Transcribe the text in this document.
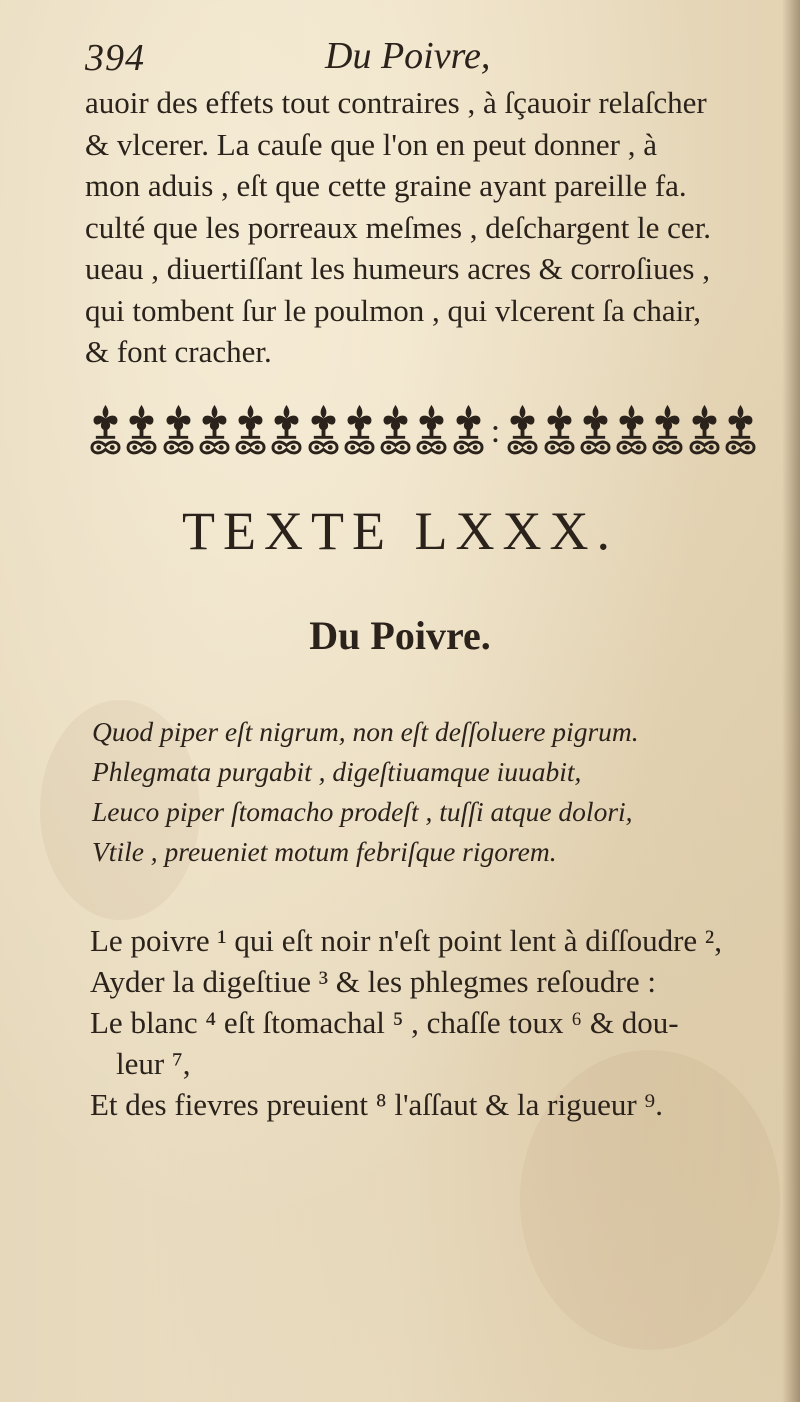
394	Du Poivre,

auoir des effets tout contraires , à ſçauoir relaſcher
& vlcerer. La cauſe que l'on en peut donner , à
mon aduis , eſt que cette graine ayant pareille fa.
culté que les porreaux meſmes , deſchargent le cer.
ueau , diuertiſſant les humeurs acres & corroſiues ,
qui tombent ſur le poulmon , qui vlcerent ſa chair,
& font cracher.

:
TEXTE LXXX.
Du Poivre.

Quod piper eſt nigrum, non eſt deſſoluere pigrum.
Phlegmata purgabit , digeſtiuamque iuuabit,
Leuco piper ſtomacho prodeſt , tuſſi atque dolori,
Vtile , preueniet motum febriſque rigorem.

Le poivre ¹ qui eſt noir n'eſt point lent à diſſoudre ²,
Ayder la digeſtiue ³ & les phlegmes reſoudre :
Le blanc ⁴ eſt ſtomachal ⁵ , chaſſe toux ⁶ & dou-
leur ⁷,
Et des fievres preuient ⁸ l'aſſaut & la rigueur ⁹.
